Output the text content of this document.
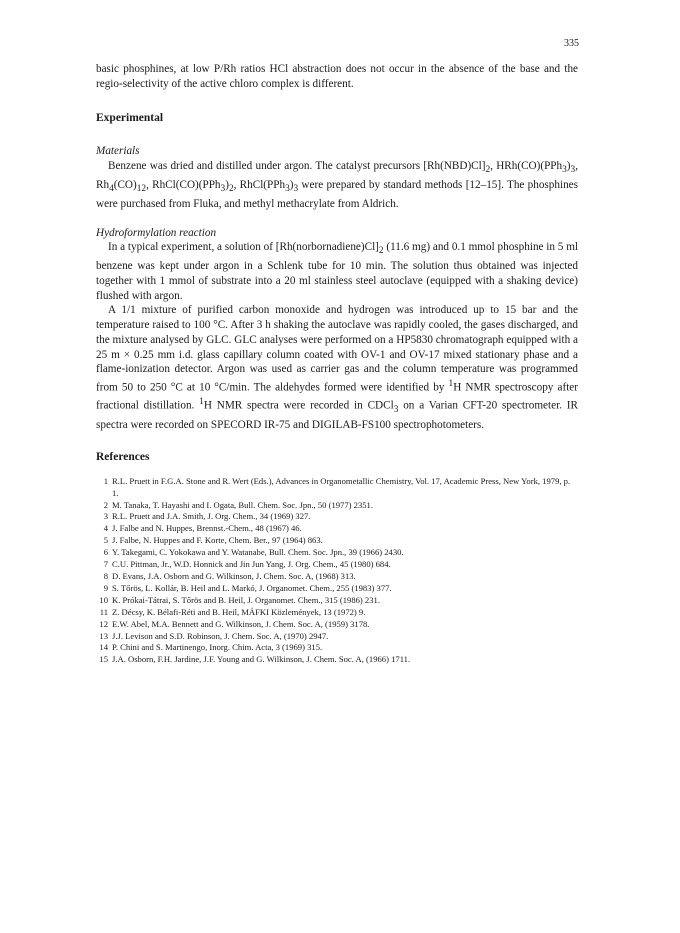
335

basic phosphines, at low P/Rh ratios HCl abstraction does not occur in the absence of the base and the regio-selectivity of the active chloro complex is different.

Experimental
Materials

Benzene was dried and distilled under argon. The catalyst precursors $[Rh(NBD)Cl]_2$, $HRh(CO)(PPh_3)_3$, $Rh_4(CO)_{12}$, $RhCl(CO)(PPh_3)_2$, $RhCl(PPh_3)_3$ were prepared by standard methods [12–15]. The phosphines were purchased from Fluka, and methyl methacrylate from Aldrich.

Hydroformylation reaction

In a typical experiment, a solution of $[Rh(norbornadiene)Cl]_2$ (11.6 mg) and 0.1 mmol phosphine in 5 ml benzene was kept under argon in a Schlenk tube for 10 min. The solution thus obtained was injected together with 1 mmol of substrate into a 20 ml stainless steel autoclave (equipped with a shaking device) flushed with argon.

A 1/1 mixture of purified carbon monoxide and hydrogen was introduced up to 15 bar and the temperature raised to 100 °C. After 3 h shaking the autoclave was rapidly cooled, the gases discharged, and the mixture analysed by GLC. GLC analyses were performed on a HP5830 chromatograph equipped with a 25 m × 0.25 mm i.d. glass capillary column coated with OV-1 and OV-17 mixed stationary phase and a flame-ionization detector. Argon was used as carrier gas and the column temperature was programmed from 50 to 250 °C at 10 °C/min. The aldehydes formed were identified by $^1$H NMR spectroscopy after fractional distillation. $^1$H NMR spectra were recorded in CDCl$_3$ on a Varian CFT-20 spectrometer. IR spectra were recorded on SPECORD IR-75 and DIGILAB-FS100 spectrophotometers.

References
1 R.L. Pruett in F.G.A. Stone and R. Wert (Eds.), Advances in Organometallic Chemistry, Vol. 17, Academic Press, New York, 1979, p. 1.
2 M. Tanaka, T. Hayashi and I. Ogata, Bull. Chem. Soc. Jpn., 50 (1977) 2351.
3 R.L. Pruett and J.A. Smith, J. Org. Chem., 34 (1969) 327.
4 J. Falbe and N. Huppes, Brennst.-Chem., 48 (1967) 46.
5 J. Falbe, N. Huppes and F. Korte, Chem. Ber., 97 (1964) 863.
6 Y. Takegami, C. Yokokawa and Y. Watanabe, Bull. Chem. Soc. Jpn., 39 (1966) 2430.
7 C.U. Pittman, Jr., W.D. Honnick and Jin Jun Yang, J. Org. Chem., 45 (1980) 684.
8 D. Evans, J.A. Osborn and G. Wilkinson, J. Chem. Soc. A, (1968) 313.
9 S. Tőrös, L. Kollár, B. Heil and L. Markó, J. Organomet. Chem., 255 (1983) 377.
10 K. Prókai-Tátrai, S. Tőrös and B. Heil, J. Organomet. Chem., 315 (1986) 231.
11 Z. Décsy, K. Bélafi-Réti and B. Heil, MÁFKI Közlemények, 13 (1972) 9.
12 E.W. Abel, M.A. Bennett and G. Wilkinson, J. Chem. Soc. A, (1959) 3178.
13 J.J. Levison and S.D. Robinson, J. Chem. Soc. A, (1970) 2947.
14 P. Chini and S. Martinengo, Inorg. Chim. Acta, 3 (1969) 315.
15 J.A. Osborn, F.H. Jardine, J.F. Young and G. Wilkinson, J. Chem. Soc. A, (1966) 1711.
